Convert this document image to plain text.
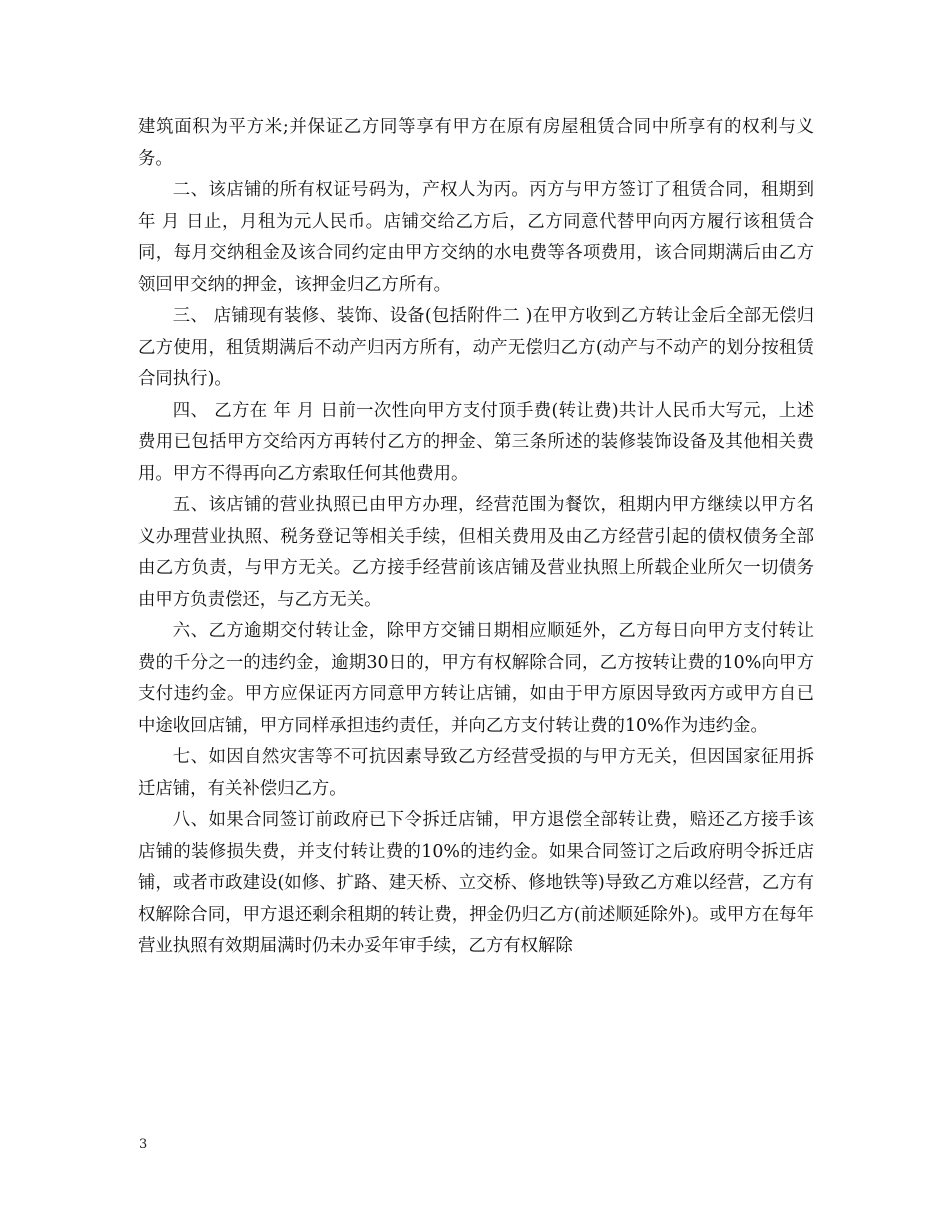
建筑面积为平方米;并保证乙方同等享有甲方在原有房屋租赁合同中所享有的权利与义务。

二、该店铺的所有权证号码为，产权人为丙。丙方与甲方签订了租赁合同，租期到 年 月 日止，月租为元人民币。店铺交给乙方后，乙方同意代替甲向丙方履行该租赁合同，每月交纳租金及该合同约定由甲方交纳的水电费等各项费用，该合同期满后由乙方领回甲交纳的押金，该押金归乙方所有。

三、 店铺现有装修、装饰、设备(包括附件二 )在甲方收到乙方转让金后全部无偿归乙方使用，租赁期满后不动产归丙方所有，动产无偿归乙方(动产与不动产的划分按租赁合同执行)。

四、 乙方在 年 月 日前一次性向甲方支付顶手费(转让费)共计人民币大写元，上述费用已包括甲方交给丙方再转付乙方的押金、第三条所述的装修装饰设备及其他相关费用。甲方不得再向乙方索取任何其他费用。

五、该店铺的营业执照已由甲方办理，经营范围为餐饮，租期内甲方继续以甲方名义办理营业执照、税务登记等相关手续，但相关费用及由乙方经营引起的债权债务全部由乙方负责，与甲方无关。乙方接手经营前该店铺及营业执照上所载企业所欠一切债务由甲方负责偿还，与乙方无关。

六、乙方逾期交付转让金，除甲方交铺日期相应顺延外，乙方每日向甲方支付转让费的千分之一的违约金，逾期30日的，甲方有权解除合同，乙方按转让费的10%向甲方支付违约金。甲方应保证丙方同意甲方转让店铺，如由于甲方原因导致丙方或甲方自已中途收回店铺，甲方同样承担违约责任，并向乙方支付转让费的10%作为违约金。

七、如因自然灾害等不可抗因素导致乙方经营受损的与甲方无关，但因国家征用拆迁店铺，有关补偿归乙方。

八、如果合同签订前政府已下令拆迁店铺，甲方退偿全部转让费，赔还乙方接手该店铺的装修损失费，并支付转让费的10%的违约金。如果合同签订之后政府明令拆迁店铺，或者市政建设(如修、扩路、建天桥、立交桥、修地铁等)导致乙方难以经营，乙方有权解除合同，甲方退还剩余租期的转让费，押金仍归乙方(前述顺延除外)。或甲方在每年营业执照有效期届满时仍未办妥年审手续，乙方有权解除

3
